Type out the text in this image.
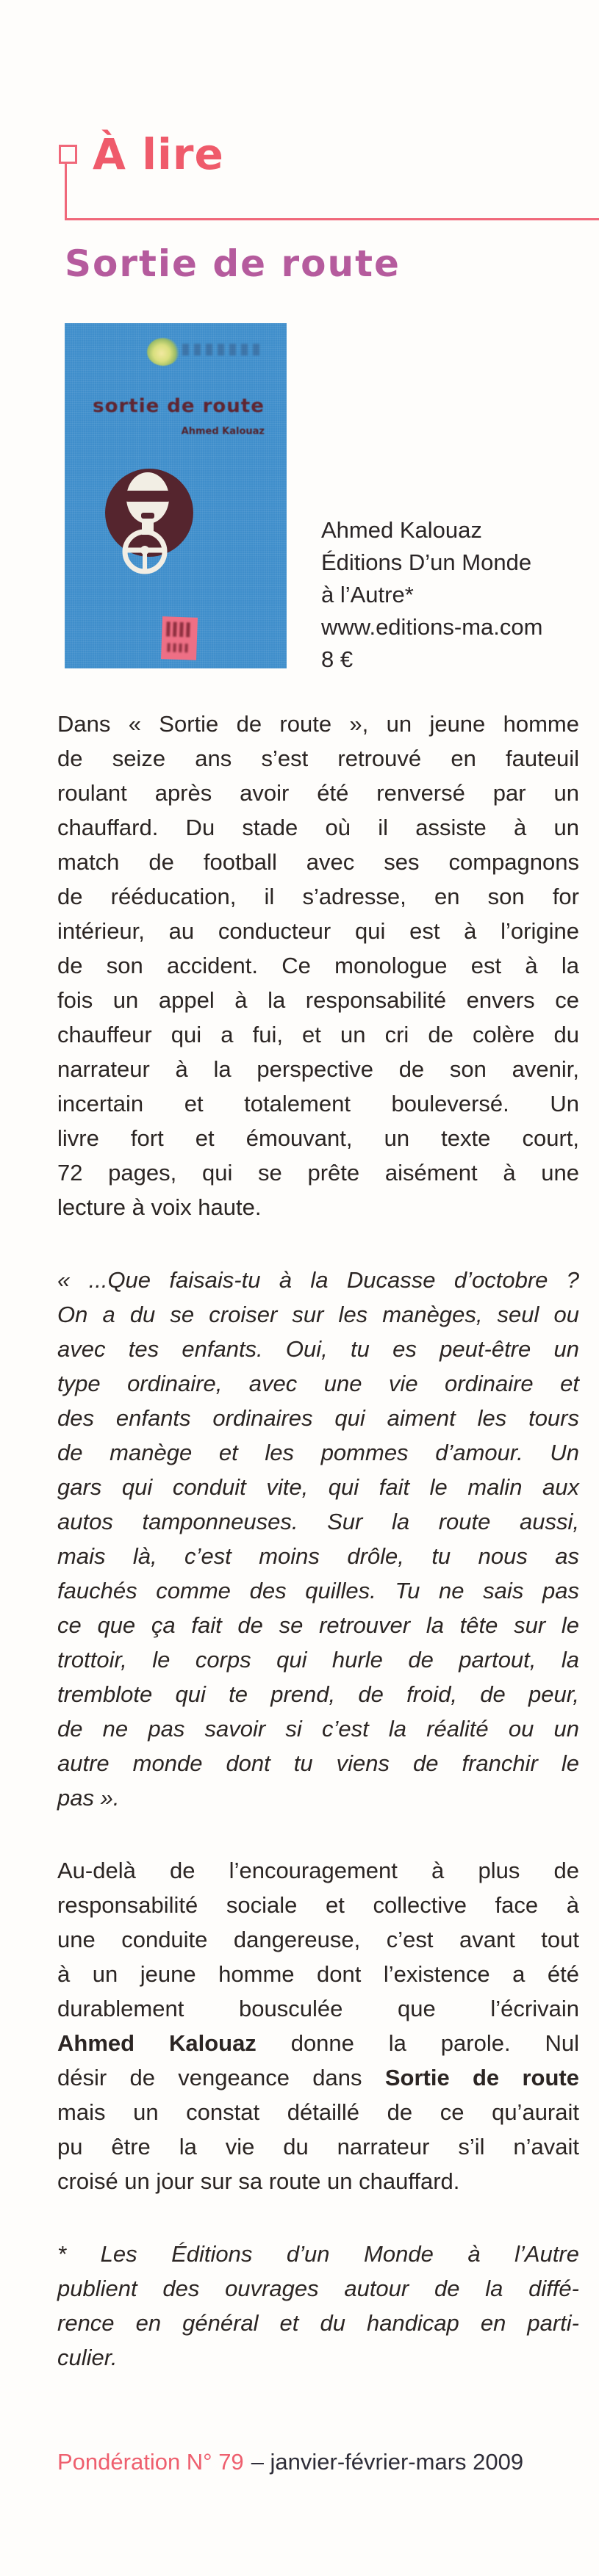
À lire
Sortie de route
sortie de route
Ahmed Kalouaz
Ahmed Kalouaz
Éditions D’un Monde
à l’Autre*
www.editions-ma.com
8 €
Dans « Sortie de route », un jeune homme
de seize ans s’est retrouvé en fauteuil
roulant après avoir été renversé par un
chauffard. Du stade où il assiste à un
match de football avec ses compagnons
de rééducation, il s’adresse, en son for
intérieur, au conducteur qui est à l’origine
de son accident. Ce monologue est à la
fois un appel à la responsabilité envers ce
chauffeur qui a fui, et un cri de colère du
narrateur à la perspective de son avenir,
incertain et totalement bouleversé. Un
livre fort et émouvant, un texte court,
72 pages, qui se prête aisément à une
lecture à voix haute.
« ...Que faisais-tu à la Ducasse d’octobre ?
On a du se croiser sur les manèges, seul ou
avec tes enfants. Oui, tu es peut-être un
type ordinaire, avec une vie ordinaire et
des enfants ordinaires qui aiment les tours
de manège et les pommes d’amour. Un
gars qui conduit vite, qui fait le malin aux
autos tamponneuses. Sur la route aussi,
mais là, c’est moins drôle, tu nous as
fauchés comme des quilles. Tu ne sais pas
ce que ça fait de se retrouver la tête sur le
trottoir, le corps qui hurle de partout, la
tremblote qui te prend, de froid, de peur,
de ne pas savoir si c’est la réalité ou un
autre monde dont tu viens de franchir le
pas ».
Au-delà de l’encouragement à plus de
responsabilité sociale et collective face à
une conduite dangereuse, c’est avant tout
à un jeune homme dont l’existence a été
durablement bousculée que l’écrivain
Ahmed Kalouaz donne la parole. Nul
désir de vengeance dans Sortie de route
mais un constat détaillé de ce qu’aurait
pu être la vie du narrateur s’il n’avait
croisé un jour sur sa route un chauffard.
* Les Éditions d’un Monde à l’Autre
publient des ouvrages autour de la diffé-
rence en général et du handicap en parti-
culier.
Pondération N° 79 – janvier-février-mars 2009
